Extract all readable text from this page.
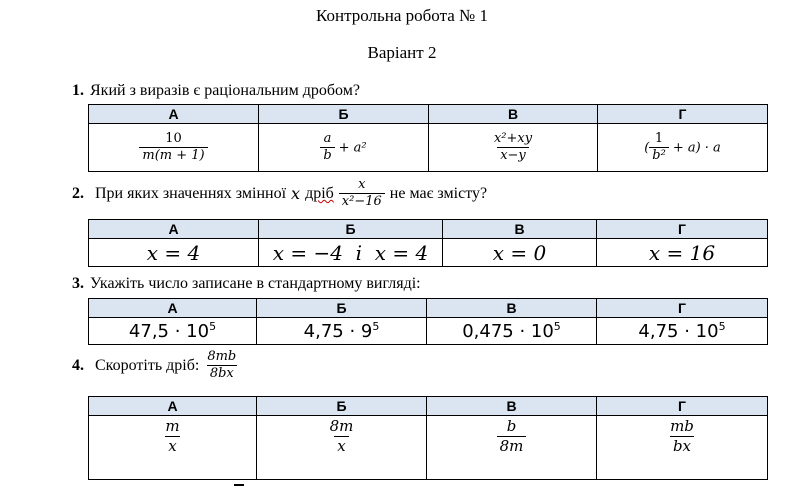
Контрольна робота № 1
Варіант 2
1. Який з виразів є раціональним дробом?
А	Б	В	Г

$\frac{10}{m(m + 1)}$	$\frac{a}{b} + a^2$	$\frac{\text{x²+xy}}{x-y}$	( $\frac{1}{\text{b²}} + a) \cdot a$
2. При яких значеннях змінної x дріб $\frac{x}{\text{x²−16}}$ не має змісту?
А	Б	В	Г
x = 4	x = −4  і  x = 4	x = 0	x = 16
3. Укажіть число записане в стандартному вигляді:
А	Б	В	Г
$47,5 \cdot 10^5$	$4,75 \cdot 9^5$	$0,475 \cdot 10^5$	$4,75 \cdot 10^5$
4. Скоротіть дріб: $\frac{8mb}{8bx}$
А	Б	В	Г

$\frac{m}{x}$	$\frac{8m}{x}$	$\frac{b}{8m}$	$\frac{mb}{bx}$
